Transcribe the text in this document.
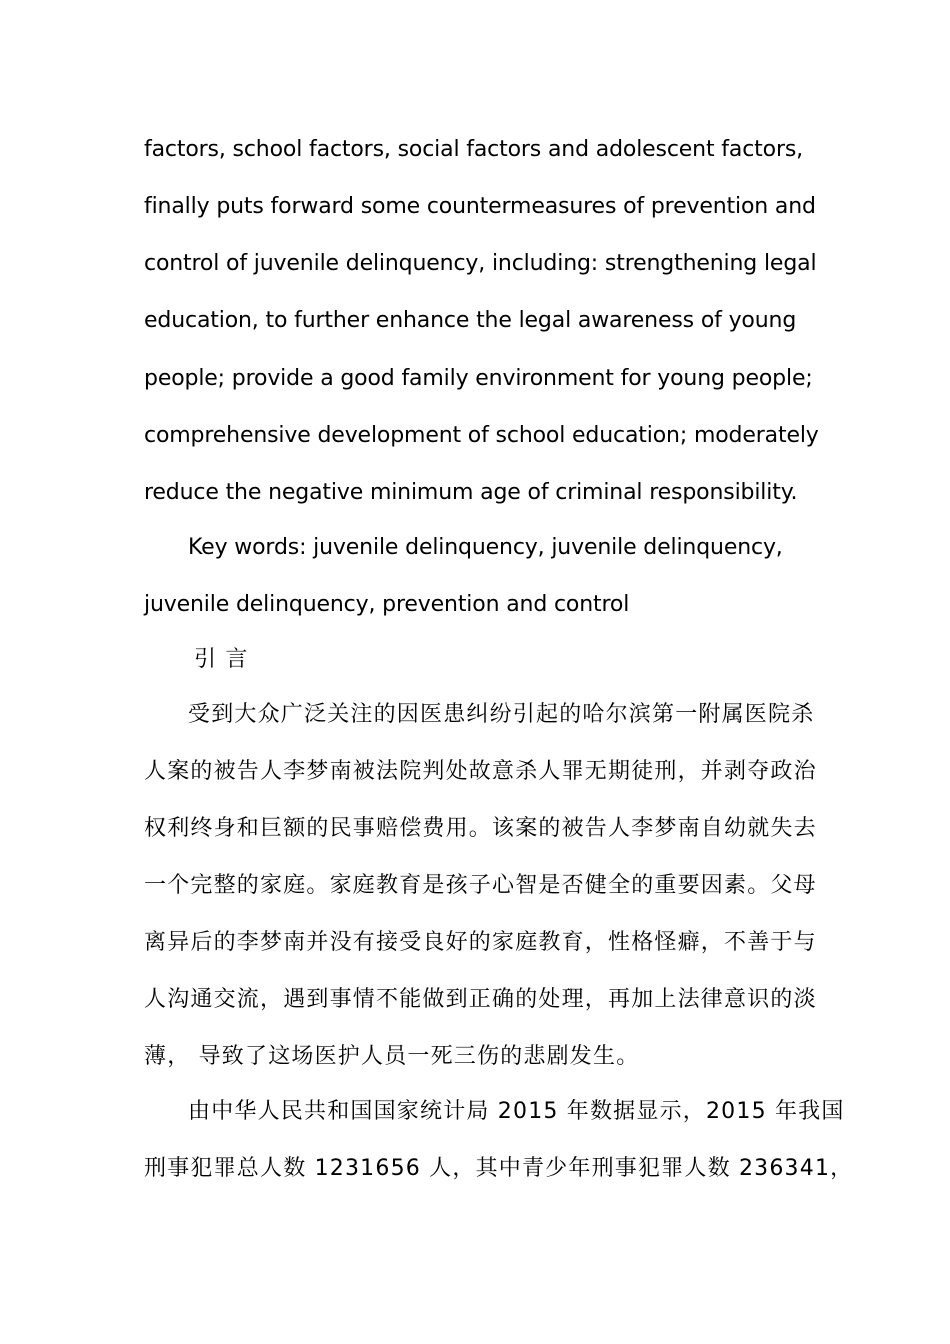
factors, school factors, social factors and adolescent factors,
finally puts forward some countermeasures of prevention and
control of juvenile delinquency, including: strengthening legal
education, to further enhance the legal awareness of young
people; provide a good family environment for young people;
comprehensive development of school education; moderately
reduce the negative minimum age of criminal responsibility.
Key words: juvenile delinquency, juvenile delinquency,
juvenile delinquency, prevention and control
引 言
受到大众广泛关注的因医患纠纷引起的哈尔滨第一附属医院杀
人案的被告人李梦南被法院判处故意杀人罪无期徒刑，并剥夺政治
权利终身和巨额的民事赔偿费用。该案的被告人李梦南自幼就失去
一个完整的家庭。家庭教育是孩子心智是否健全的重要因素。父母
离异后的李梦南并没有接受良好的家庭教育，性格怪癖，不善于与
人沟通交流，遇到事情不能做到正确的处理，再加上法律意识的淡
薄， 导致了这场医护人员一死三伤的悲剧发生。
由中华人民共和国国家统计局 2015 年数据显示，2015 年我国
刑事犯罪总人数 1231656 人，其中青少年刑事犯罪人数 236341，
